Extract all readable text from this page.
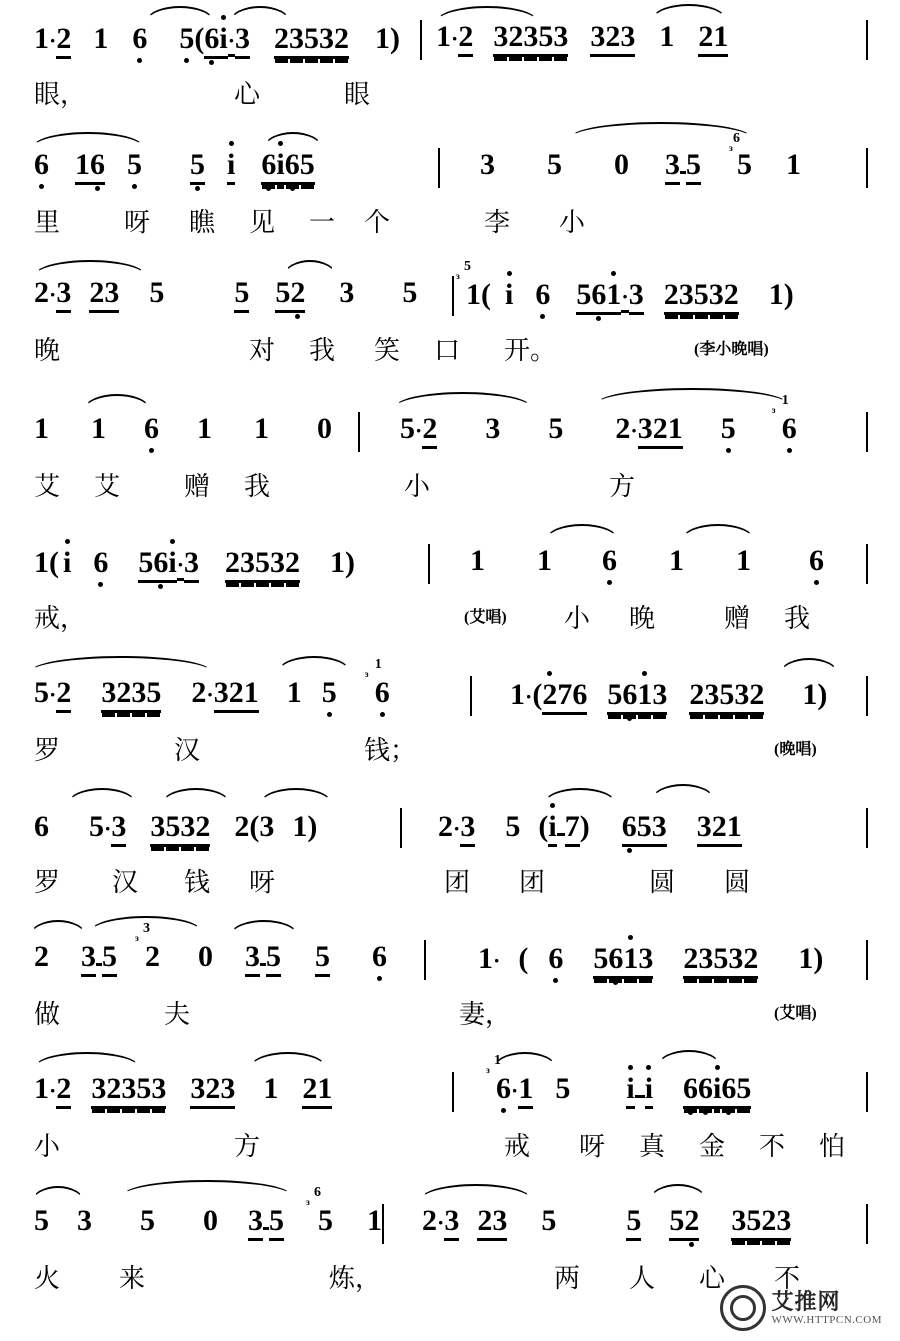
1·2 1 6 5(6i·3 23532 1) 1·2 32353 323 1 21
眼，	心	眼
6 16 5 5 i 6i65	3 5 0 3 5 5
6
ᵌ 1
里 呀 瞧 见 一 个	李 小
2·3 23 5 5 52 3 5 1
5
ᵌ ( i 6 561·3 23532 1)
晚	对 我 笑 口 开。	(李小晚唱)
1 1 6 1 1 0 5·2 3 5 2·321 5 6
1
ᵌ
艾 艾 赠 我	小	方
1( i 6 56i·3 23532 1)	1 1 6 1 1 6
戒，	(艾唱) 小 晚	赠 我
5·2 3235 2·321 1 5 6
1
ᵌ
1·(276 5613 23532 1)
罗	汉	钱；	(晚唱)
6 5·3 3532 2(3 1)	2·3 5 (i 7) 653 321
罗 汉 钱 呀	团 团	圆 圆
2 3 5 2
3
ᵌ 0 3 5 5 6	1· ( 6 5613 23532 1)
做	夫	妻，	(艾唱)
1·2 32353 323 1 21	6
1
ᵌ
·1 5 i i 66i65
小	方	戒 呀 真 金 不 怕
5 3 5 0 3 5 5
6
ᵌ 1 2·3 23 5 5 52 3523
火 来	炼，	两 人 心 不
艾推网
WWW.HTTPCN.COM
